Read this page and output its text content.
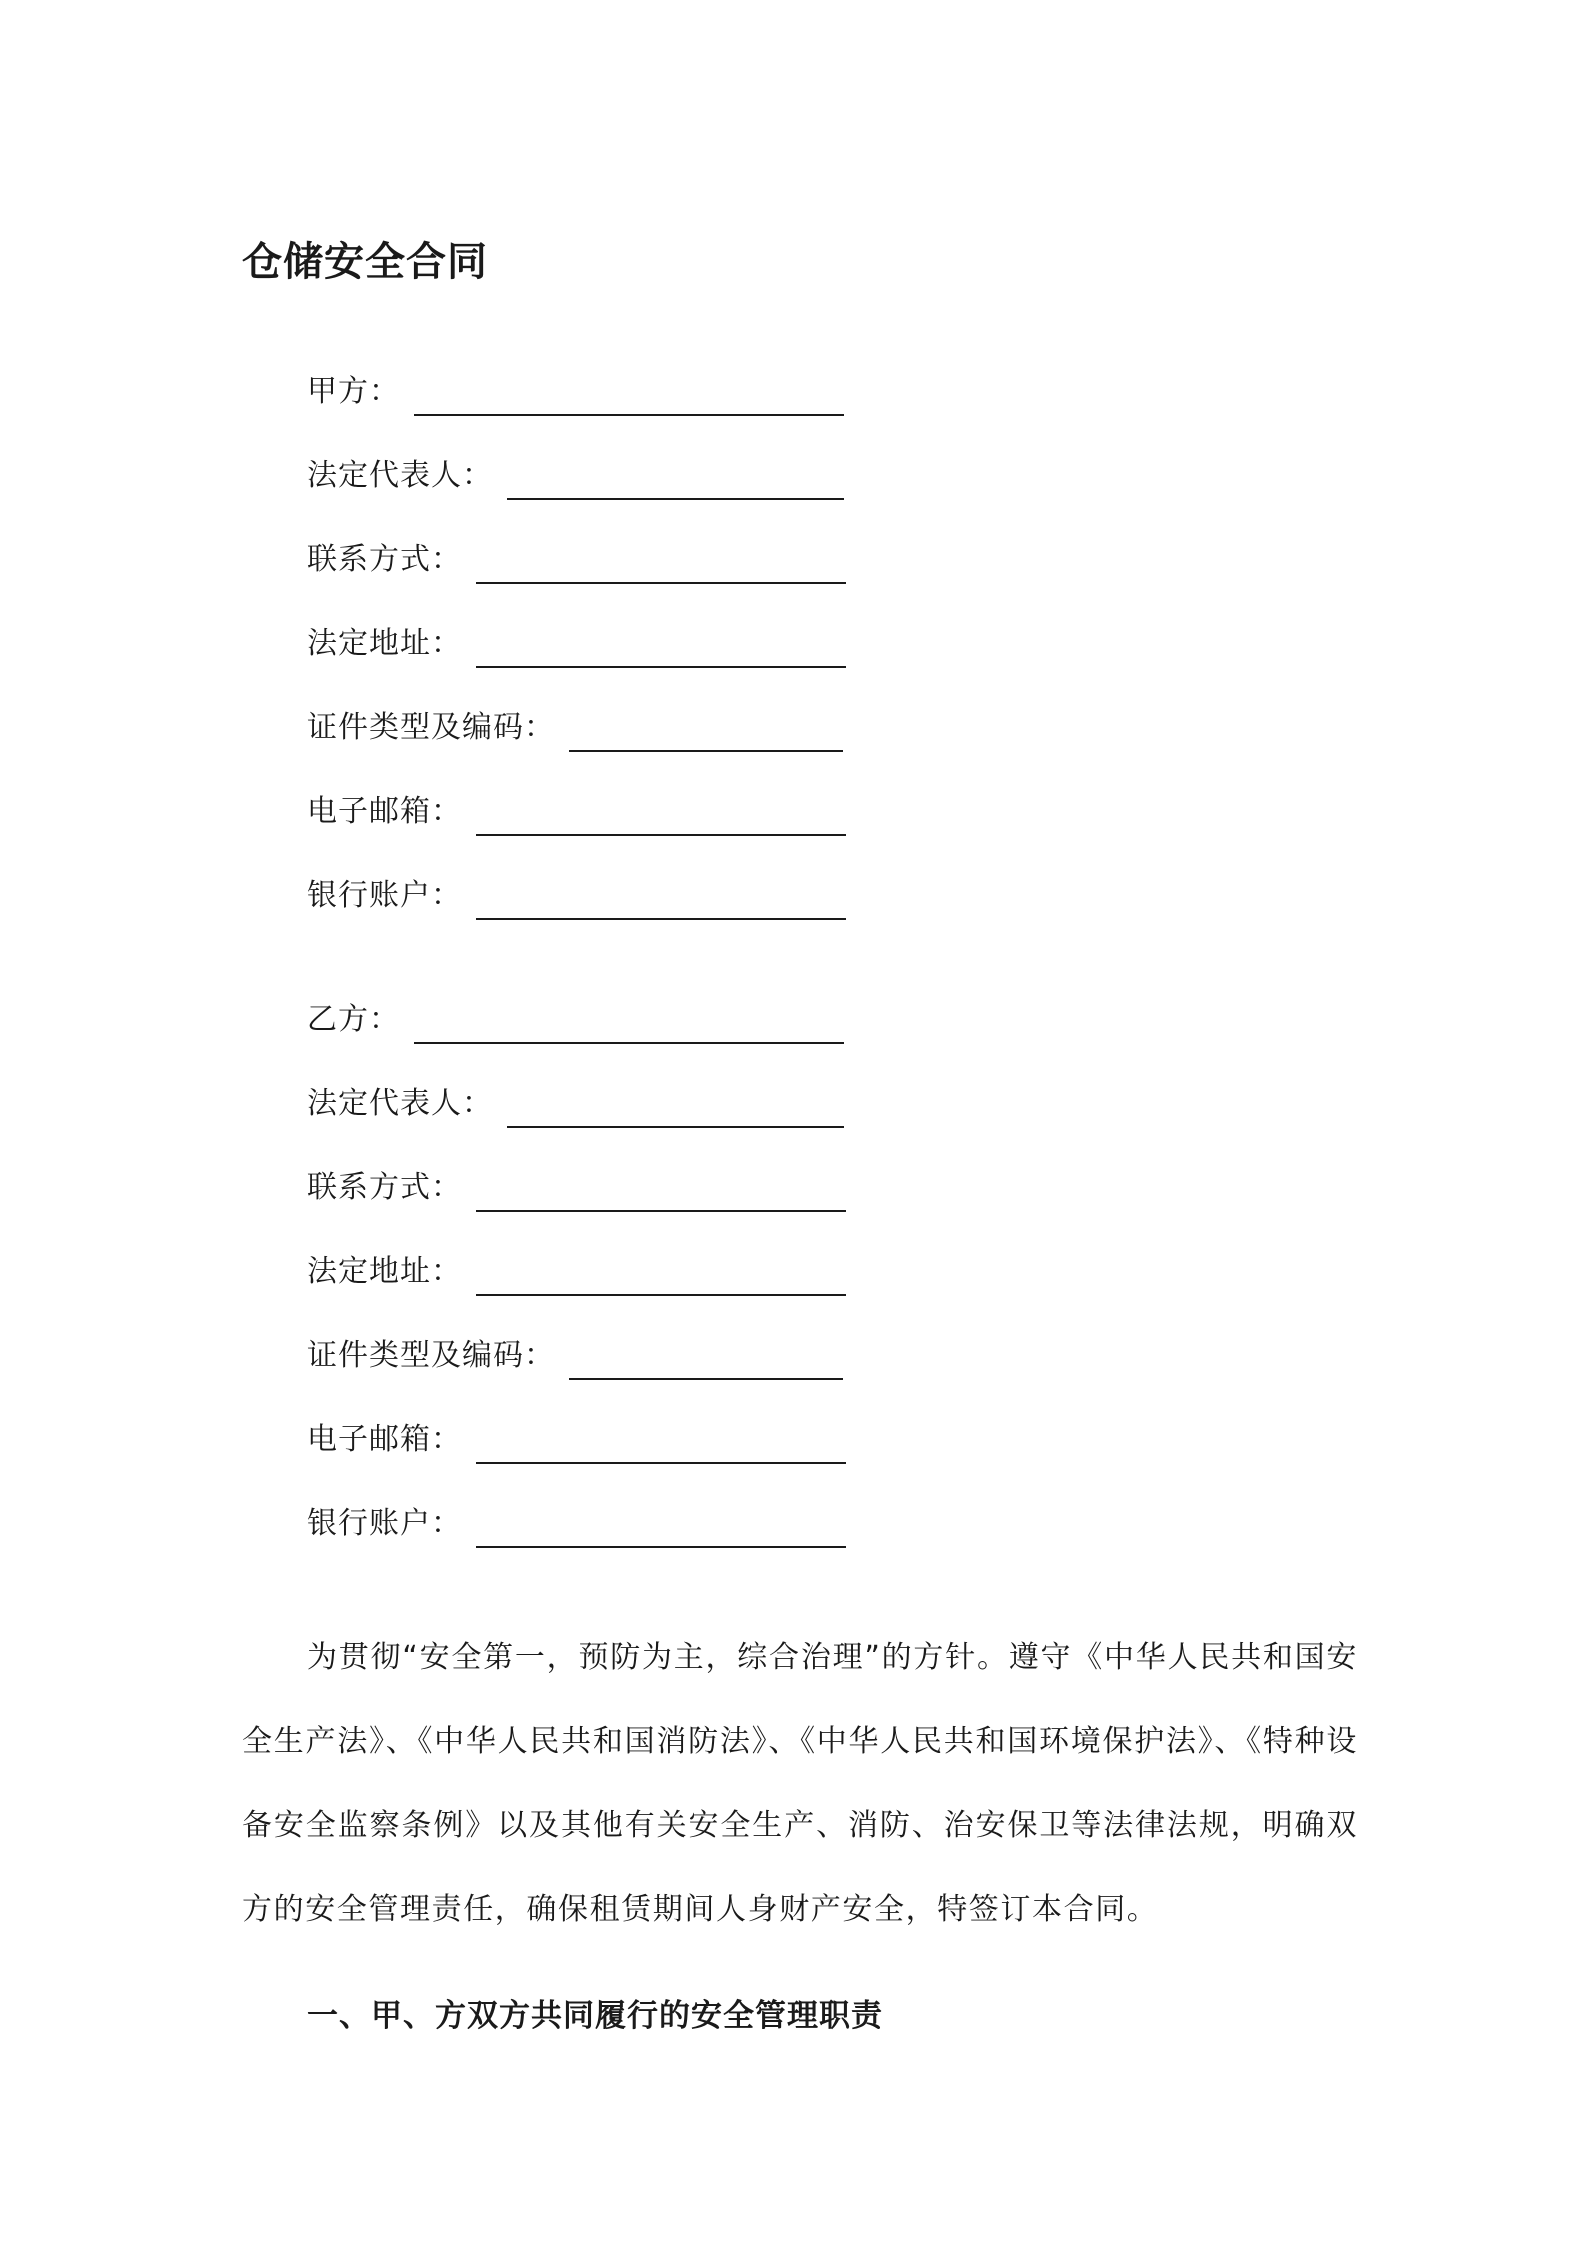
仓储安全合同
甲方：
法定代表人：
联系方式：
法定地址：
证件类型及编码：
电子邮箱：
银行账户：
乙方：
法定代表人：
联系方式：
法定地址：
证件类型及编码：
电子邮箱：
银行账户：

为贯彻“安全第一，预防为主，综合治理”的方针。遵守《中华人民共和国安全生产法》、《中华人民共和国消防法》、《中华人民共和国环境保护法》、《特种设备安全监察条例》以及其他有关安全生产、消防、治安保卫等法律法规，明确双方的安全管理责任，确保租赁期间人身财产安全，特签订本合同。

一、甲、方双方共同履行的安全管理职责
